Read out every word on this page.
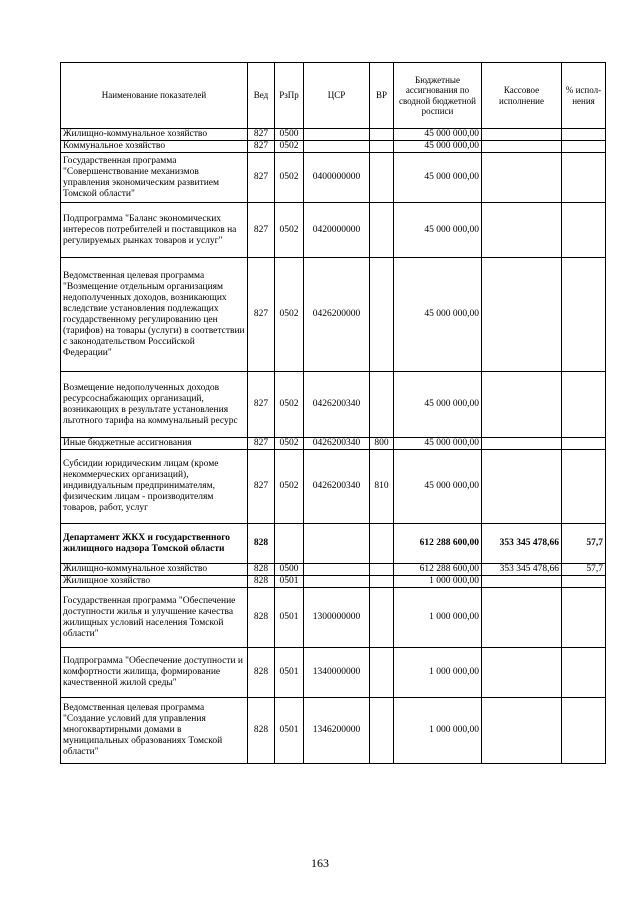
Наименование показателей	Вед	РзПр	ЦСР	ВР	Бюджетные ассигнования по сводной бюджетной росписи	Кассовое исполнение	% испол-нения
Жилищно-коммунальное хозяйство	827	0500			45 000 000,00		
Коммунальное хозяйство	827	0502			45 000 000,00		
Государственная программа "Совершенствование механизмов управления экономическим развитием Томской области"	827	0502	0400000000		45 000 000,00		
Подпрограмма "Баланс экономических интересов потребителей и поставщиков на регулируемых рынках товаров и услуг"	827	0502	0420000000		45 000 000,00		
Ведомственная целевая программа "Возмещение отдельным организациям недополученных доходов, возникающих вследствие установления подлежащих государственному регулированию цен (тарифов) на товары (услуги) в соответствии с законодательством Российской Федерации"	827	0502	0426200000		45 000 000,00		
Возмещение недополученных доходов ресурсоснабжающих организаций, возникающих в результате установления льготного тарифа на коммунальный ресурс	827	0502	0426200340		45 000 000,00		
Иные бюджетные ассигнования	827	0502	0426200340	800	45 000 000,00		
Субсидии юридическим лицам (кроме некоммерческих организаций), индивидуальным предпринимателям, физическим лицам - производителям товаров, работ, услуг	827	0502	0426200340	810	45 000 000,00		
Департамент ЖКХ и государственного жилищного надзора Томской области	828				612 288 600,00	353 345 478,66	57,7
Жилищно-коммунальное хозяйство	828	0500			612 288 600,00	353 345 478,66	57,7
Жилищное хозяйство	828	0501			1 000 000,00		
Государственная программа "Обеспечение доступности жилья и улучшение качества жилищных условий населения Томской области"	828	0501	1300000000		1 000 000,00		
Подпрограмма "Обеспечение доступности и комфортности жилища, формирование качественной жилой среды"	828	0501	1340000000		1 000 000,00		
Ведомственная целевая программа "Создание условий для управления многоквартирными домами в муниципальных образованиях Томской области"	828	0501	1346200000		1 000 000,00		
163
